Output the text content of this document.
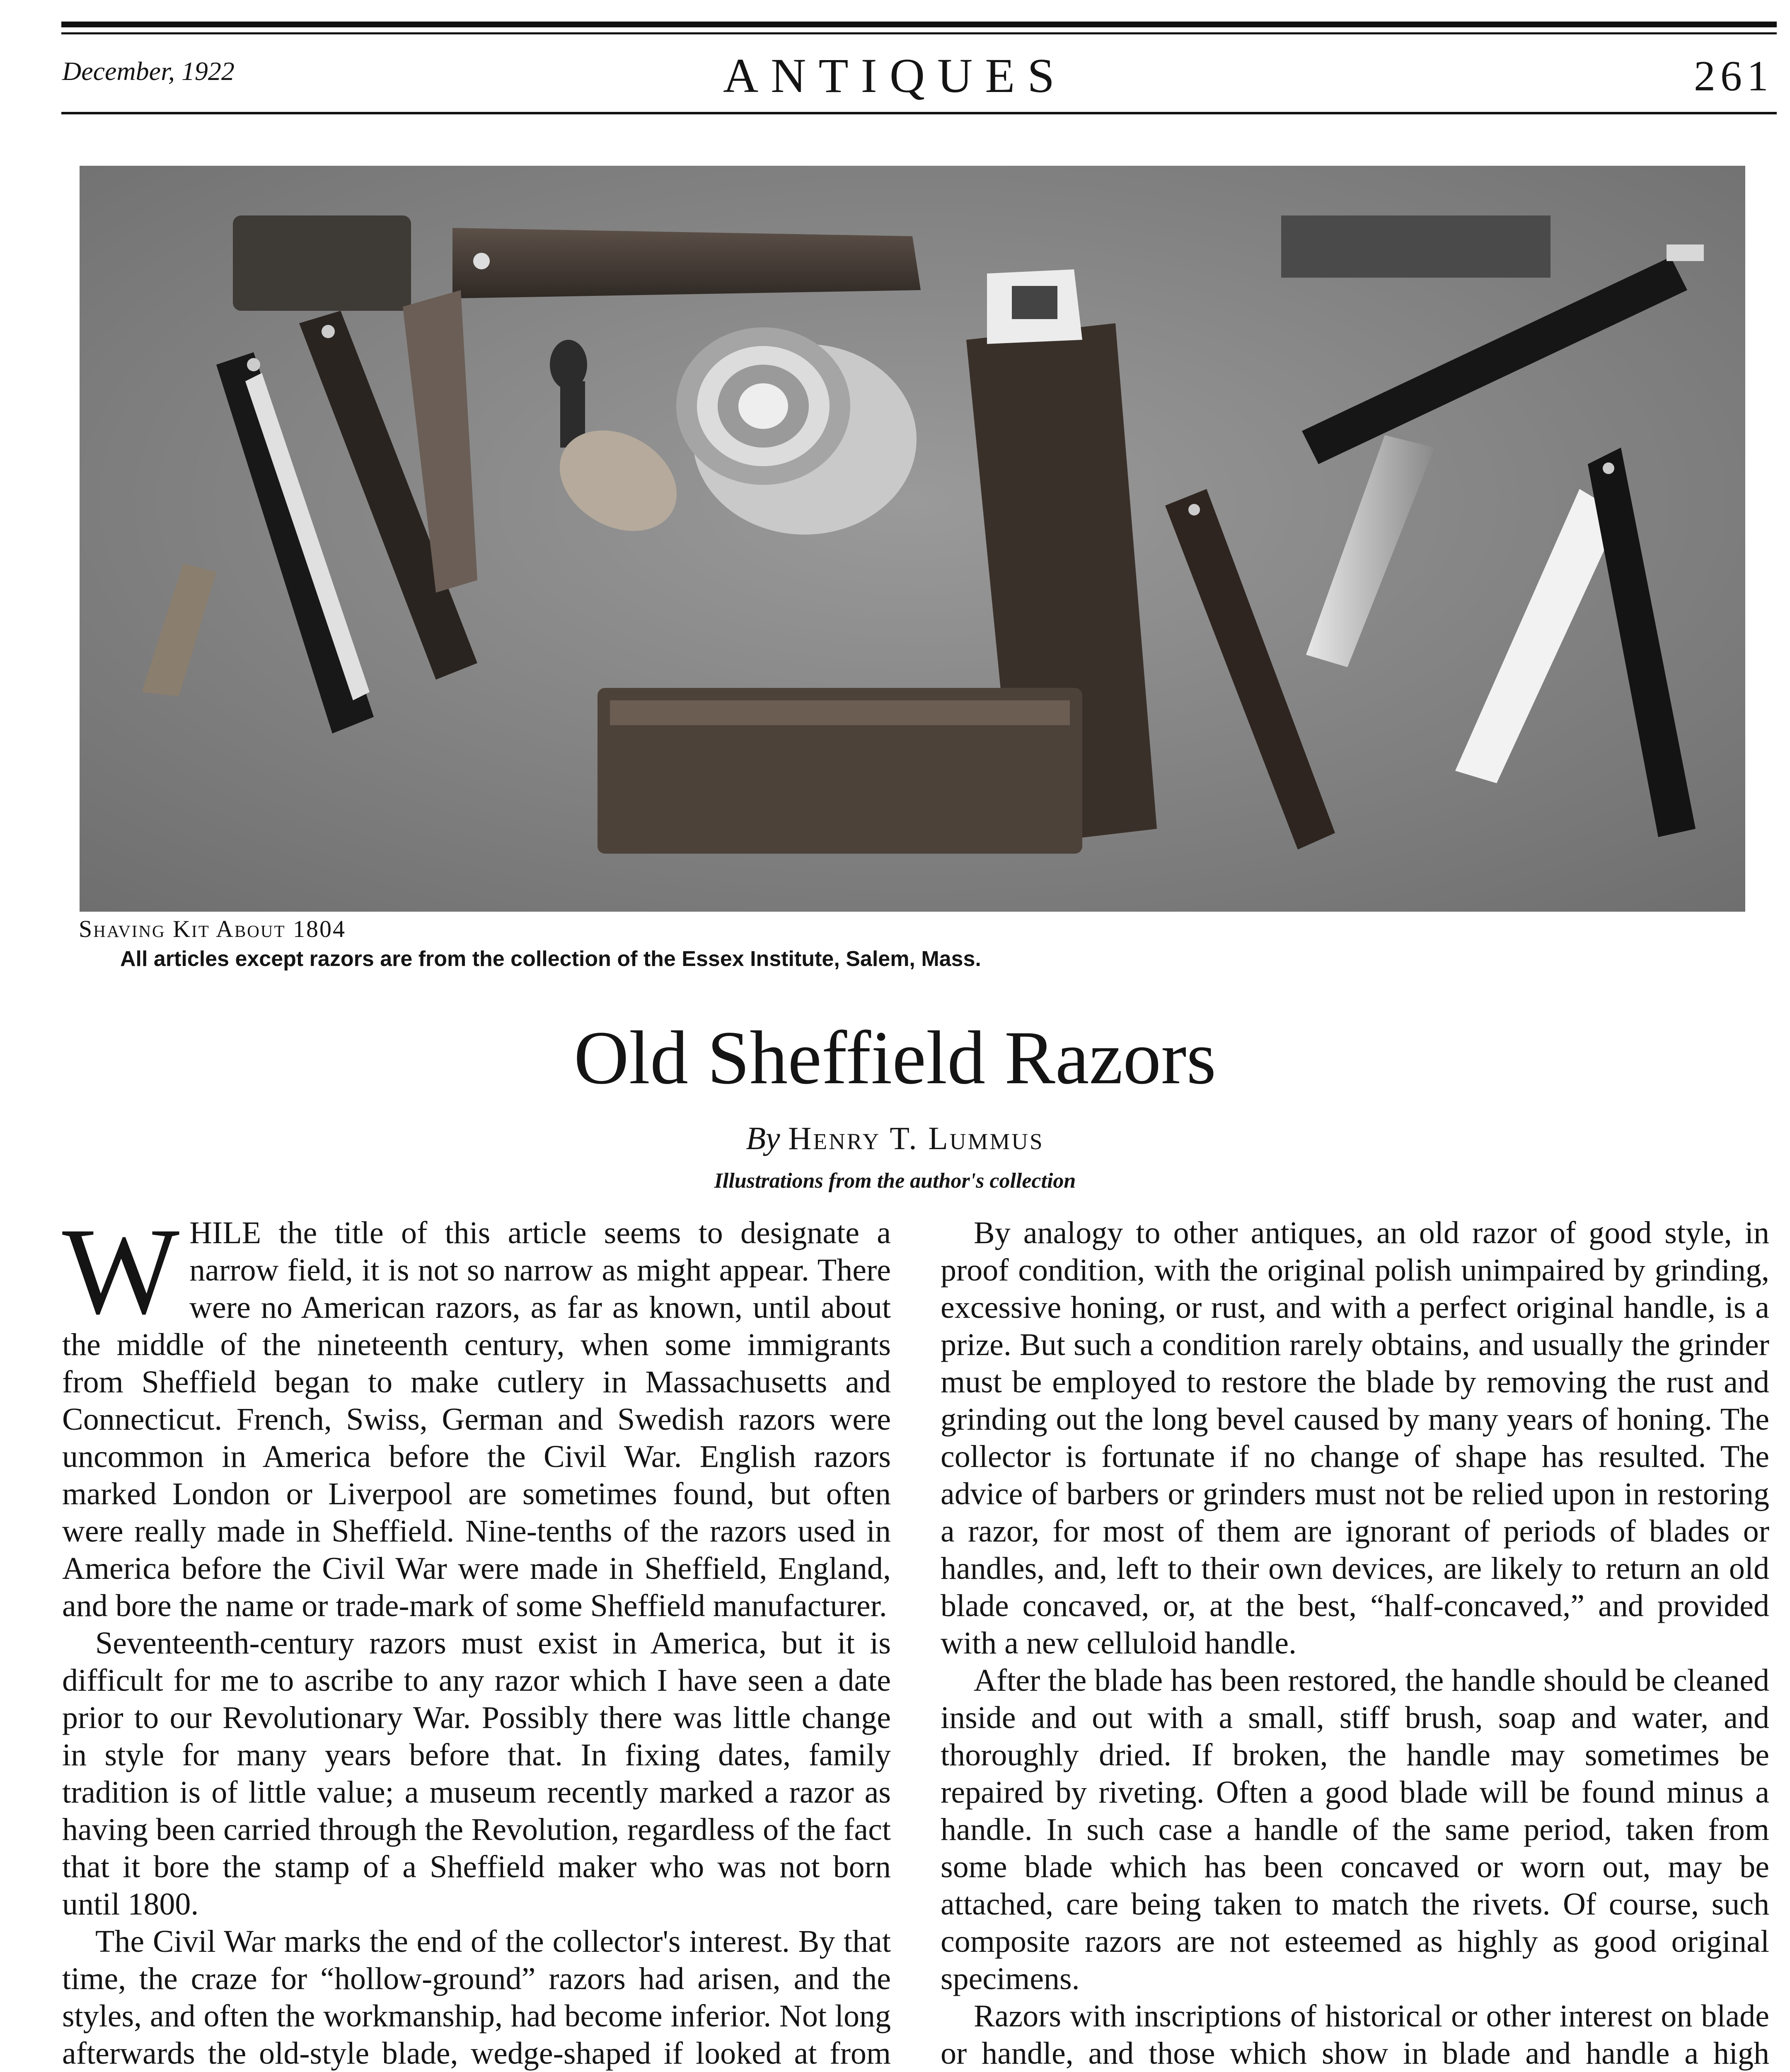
December, 1922	ANTIQUES	261
Shaving Kit About 1804
All articles except razors are from the collection of the Essex Institute, Salem, Mass.
Old Sheffield Razors
By Henry T. Lummus
Illustrations from the author's collection

W HILE the title of this article seems to designate a narrow field, it is not so narrow as might appear. There were no American razors, as far as known, until about the middle of the nineteenth century, when some immigrants from Sheffield began to make cutlery in Massachusetts and Connecticut. French, Swiss, German and Swedish razors were uncommon in America before the Civil War. English razors marked London or Liverpool are sometimes found, but often were really made in Sheffield. Nine-tenths of the razors used in America before the Civil War were made in Sheffield, England, and bore the name or trade-mark of some Sheffield manufacturer.

Seventeenth-century razors must exist in America, but it is difficult for me to ascribe to any razor which I have seen a date prior to our Revolutionary War. Possibly there was little change in style for many years before that. In fixing dates, family tradition is of little value; a museum recently marked a razor as having been carried through the Revolution, regardless of the fact that it bore the stamp of a Sheffield maker who was not born until 1800.

The Civil War marks the end of the collector's interest. By that time, the craze for “hollow-ground” razors had arisen, and the styles, and often the workmanship, had become inferior. Not long afterwards the old-style blade, wedge-shaped if looked at from

By analogy to other antiques, an old razor of good style, in proof condition, with the original polish unimpaired by grinding, excessive honing, or rust, and with a perfect original handle, is a prize. But such a condition rarely obtains, and usually the grinder must be employed to restore the blade by removing the rust and grinding out the long bevel caused by many years of honing. The collector is fortunate if no change of shape has resulted. The advice of barbers or grinders must not be relied upon in restoring a razor, for most of them are ignorant of periods of blades or handles, and, left to their own devices, are likely to return an old blade concaved, or, at the best, “half-concaved,” and provided with a new celluloid handle.

After the blade has been restored, the handle should be cleaned inside and out with a small, stiff brush, soap and water, and thoroughly dried. If broken, the handle may sometimes be repaired by riveting. Often a good blade will be found minus a handle. In such case a handle of the same period, taken from some blade which has been concaved or worn out, may be attached, care being taken to match the rivets. Of course, such composite razors are not esteemed as highly as good original specimens.

Razors with inscriptions of historical or other interest on blade or handle, and those which show in blade and handle a high
